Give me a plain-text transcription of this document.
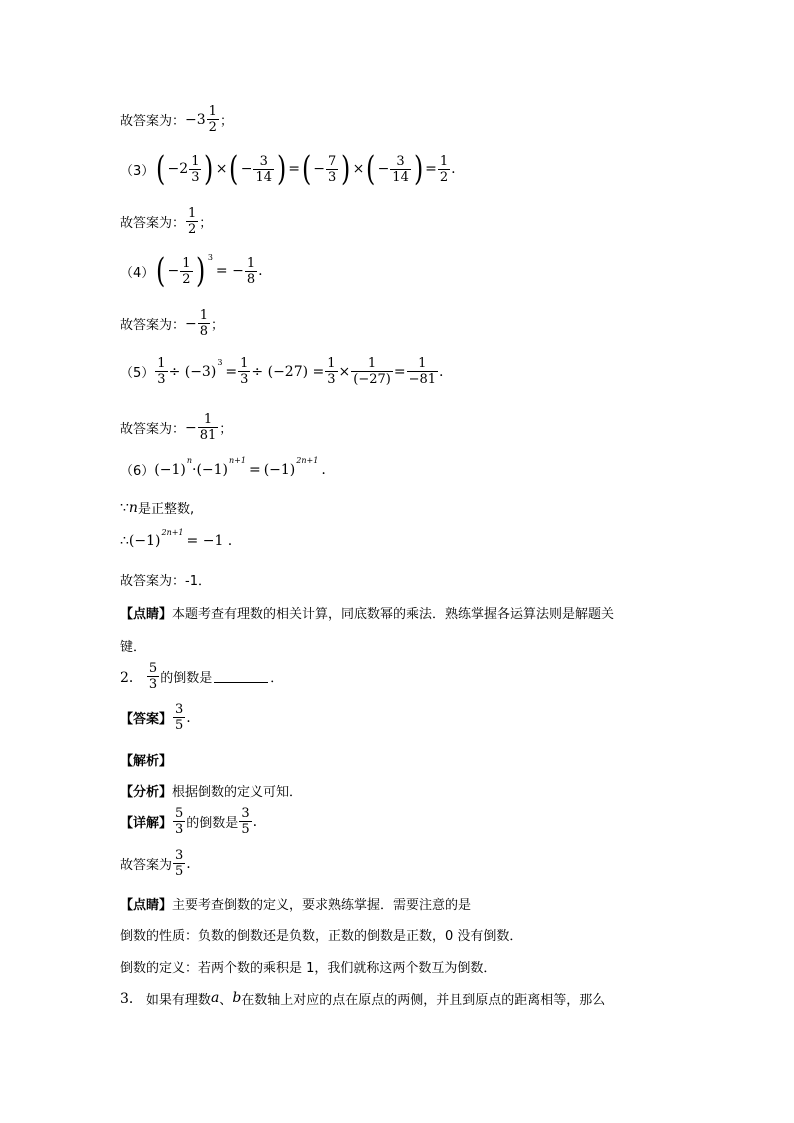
故答案为： $-3 \frac{1}{2}$ ；
（3） ( $-2 \frac{1}{3}$ ) × ( − $\frac{3}{14}$ ) = ( − $\frac{7}{3}$ ) × ( − $\frac{3}{14}$ ) = $\frac{1}{2}$ .
故答案为： $\frac{1}{2}$ ；
（4） ( − $\frac{1}{2}$ ) 3
= − $\frac{1}{8}$ .
故答案为： − $\frac{1}{8}$ ；
$(5) \frac{1}{3} \div (-3)$
3
= $\frac{1}{3} \div (-27) = \frac{1}{3} \times \frac{1}{(-27)} = \frac{1}{-81}$ .
故答案为： − $\frac{1}{81}$ ；
（6） (−1)
n
· (−1)
n+1
= (−1)
2n+1
.
∵ n 是正整数,
∴ (−1)
2n+1
= −1 .
故答案为：-1．
【点睛】 本题考查有理数的相关计算，同底数幂的乘法．熟练掌握各运算法则是解题关
键．
2． $\frac{5}{3}$ 的倒数是	．
【答案】 $\frac{3}{5}$ .
【解析】
【分析】 根据倒数的定义可知．
【详解】 $\frac{5}{3}$ 的倒数是 $\frac{3}{5}$ .
故答案为 $\frac{3}{5}$ .
【点睛】 主要考查倒数的定义，要求熟练掌握．需要注意的是
倒数的性质：负数的倒数还是负数，正数的倒数是正数，0 没有倒数．
倒数的定义：若两个数的乘积是 1，我们就称这两个数互为倒数．
3． 如果有理数 a 、 b 在数轴上对应的点在原点的两侧，并且到原点的距离相等，那么
